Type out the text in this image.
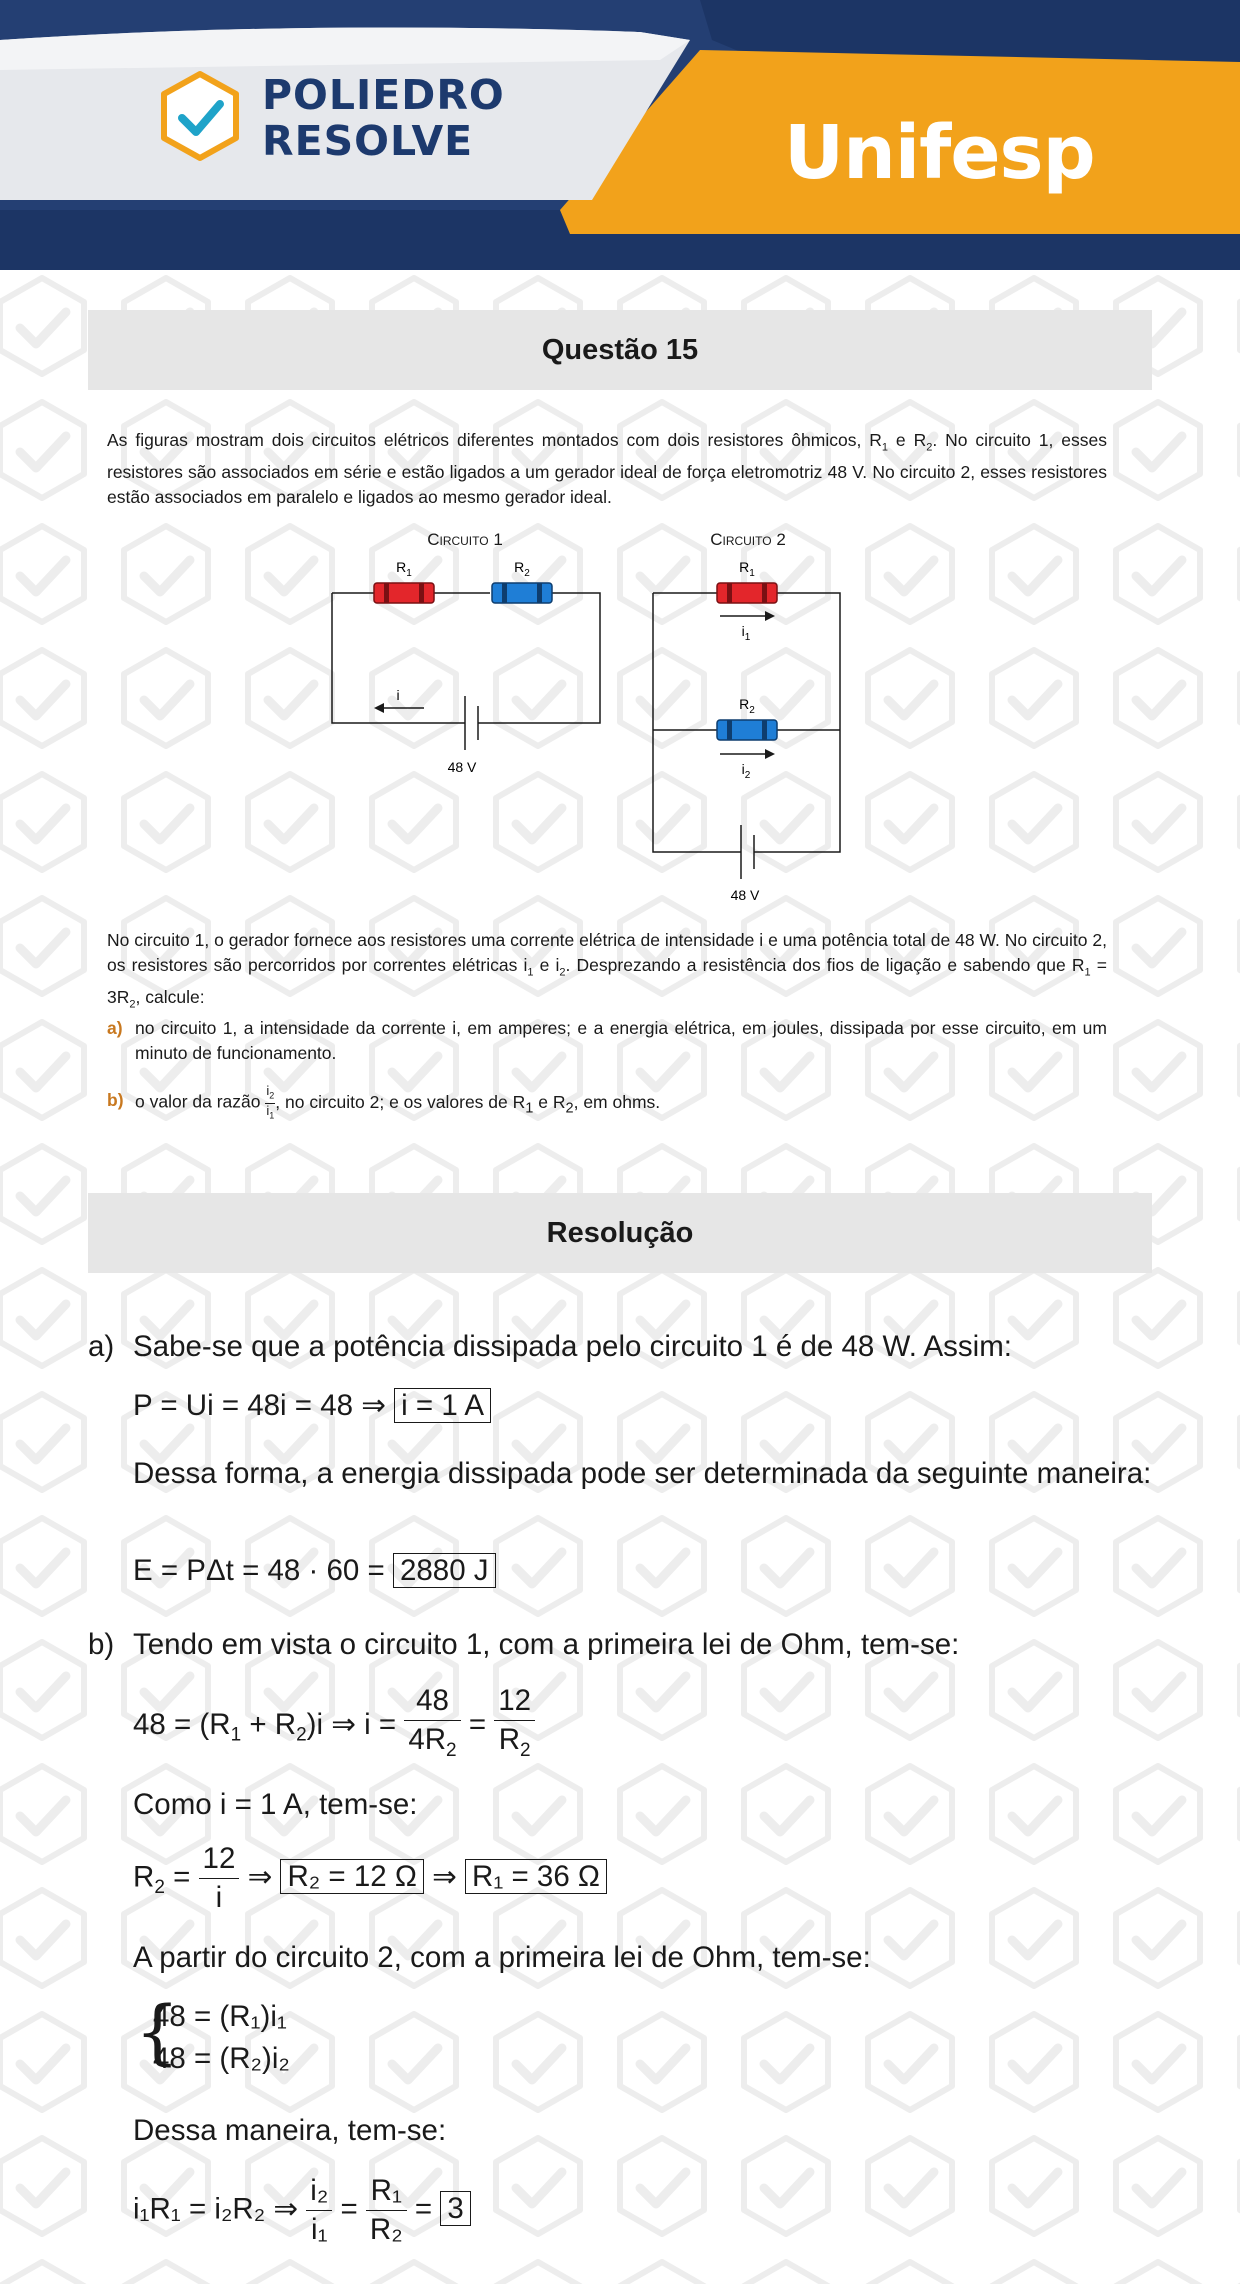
POLIEDRO
RESOLVE	Unifesp
Questão 15
As figuras mostram dois circuitos elétricos diferentes montados com dois resistores ôhmicos, $R_1$ e $R_2$. No circuito 1, esses resistores são associados em série e estão ligados a um gerador ideal de força eletromotriz 48 V. No circuito 2, esses resistores estão associados em paralelo e ligados ao mesmo gerador ideal.
Circuito 1
$R_1$	$R_2$
i
48 V
Circuito 2
$R_1$
$i_1$
$R_2$
$i_2$
48 V
No circuito 1, o gerador fornece aos resistores uma corrente elétrica de intensidade i e uma potência total de 48 W. No circuito 2, os resistores são percorridos por correntes elétricas $i_1$ e $i_2$. Desprezando a resistência dos fios de ligação e sabendo que $R_1 = 3R_2$, calcule:
a) no circuito 1, a intensidade da corrente i, em amperes; e a energia elétrica, em joules, dissipada por esse circuito, em um minuto de funcionamento.
b) o valor da razão $\frac{i_2}{i_1}$ , no circuito 2; e os valores de $R_1$ e $R_2$, em ohms.
Resolução
a) Sabe-se que a potência dissipada pelo circuito 1 é de 48 W. Assim:
P = Ui = 48i = 48 ⇒ i = 1 A
Dessa forma, a energia dissipada pode ser determinada da seguinte maneira:
E = PΔt = 48 · 60 = 2880 J
b) Tendo em vista o circuito 1, com a primeira lei de Ohm, tem-se:
$48 = (R_1 + R_2)i$ ⇒ $i = \frac{48}{4R_2} = \frac{12}{R_2}$
Como i = 1 A, tem-se:
$R_2 = \frac{12}{i}$ ⇒ R₂ = 12 Ω ⇒ R₁ = 36 Ω
A partir do circuito 2, com a primeira lei de Ohm, tem-se:
{
48 = (R₁)i₁
48 = (R₂)i₂
Dessa maneira, tem-se:
i₁R₁ = i₂R₂ ⇒ $\frac{\text{i₂}}{\text{i₁}} = \frac{\text{R₁}}{\text{R₂}} = 3$
